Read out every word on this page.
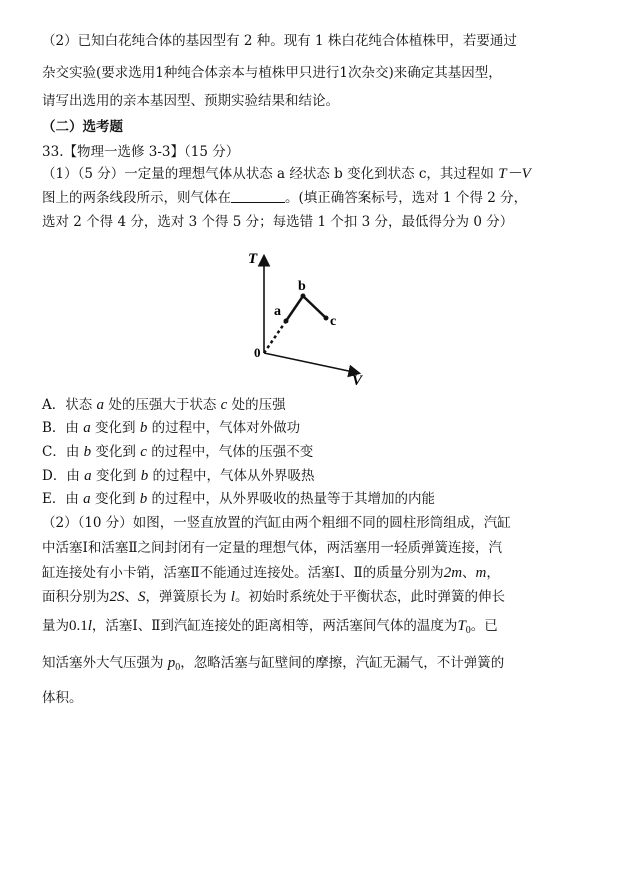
（2）已知白花纯合体的基因型有 2 种。现有 1 株白花纯合体植株甲，若要通过
杂交实验(要求选用1种纯合体亲本与植株甲只进行1次杂交)来确定其基因型，
请写出选用的亲本基因型、预期实验结果和结论。
（二）选考题
33.【物理一选修 3-3】（15 分）
（1）（5 分）一定量的理想气体从状态 a 经状态 b 变化到状态 c，其过程如 T－V
图上的两条线段所示，则气体在	。(填正确答案标号，选对 1 个得 2 分，
选对 2 个得 4 分，选对 3 个得 5 分；每选错 1 个扣 3 分，最低得分为 0 分）
T
V
0
a
b
c
A．状态 a 处的压强大于状态 c 处的压强
B．由 a 变化到 b 的过程中，气体对外做功
C．由 b 变化到 c 的过程中，气体的压强不变
D．由 a 变化到 b 的过程中，气体从外界吸热
E．由 a 变化到 b 的过程中，从外界吸收的热量等于其增加的内能
（2）（10 分）如图，一竖直放置的汽缸由两个粗细不同的圆柱形筒组成，汽缸
中活塞Ⅰ和活塞Ⅱ之间封闭有一定量的理想气体，两活塞用一轻质弹簧连接，汽
缸连接处有小卡销，活塞Ⅱ不能通过连接处。活塞Ⅰ、Ⅱ的质量分别为2m、m，
面积分别为2S、S，弹簧原长为 l。初始时系统处于平衡状态，此时弹簧的伸长
量为0.1l，活塞Ⅰ、Ⅱ到汽缸连接处的距离相等，两活塞间气体的温度为$T_0$。已
知活塞外大气压强为 $p_0$，忽略活塞与缸壁间的摩擦，汽缸无漏气，不计弹簧的
体积。
